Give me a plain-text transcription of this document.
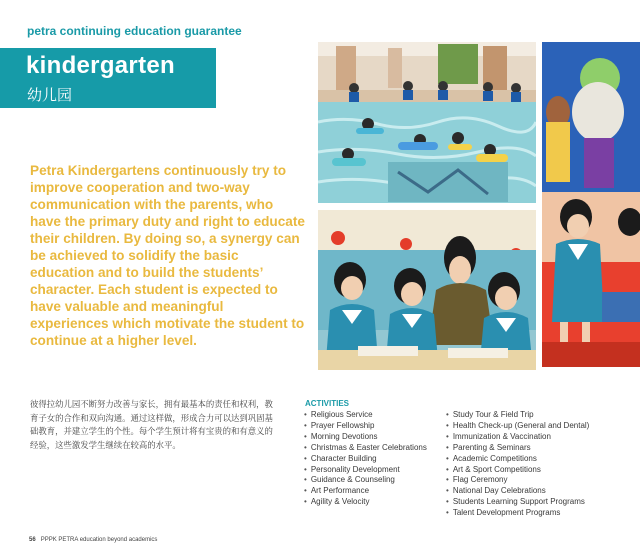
petra continuing education guarantee
kindergarten
幼儿园

Petra Kindergartens continuously try to improve cooperation and two-way communication with the parents, who have the primary duty and right to educate their children. By doing so, a synergy can be achieved to solidify the basic education and to build the students’ character. Each student is expected to have valuable and meaningful experiences which motivate the student to continue at a higher level.

彼得拉幼儿园不断努力改善与家长，拥有最基本的责任和权利，教育子女的合作和双向沟通。通过这样做，形成合力可以达到巩固基础教育，并建立学生的个性。每个学生预计将有宝贵的和有意义的经验，这些激发学生继续在较高的水平。

ACTIVITIES
• Religious Service
• Prayer Fellowship
• Morning Devotions
• Christmas & Easter Celebrations
• Character Building
• Personality Development
• Guidance & Counseling
• Art Performance
• Agility & Velocity
• Study Tour & Field Trip
• Health Check-up (General and Dental)
• Immunization & Vaccination
• Parenting & Seminars
• Academic Competitions
• Art & Sport Competitions
• Flag Ceremony
• National Day Celebrations
• Students Learning Support Programs
• Talent Development Programs
56 PPPK PETRA education beyond academics
